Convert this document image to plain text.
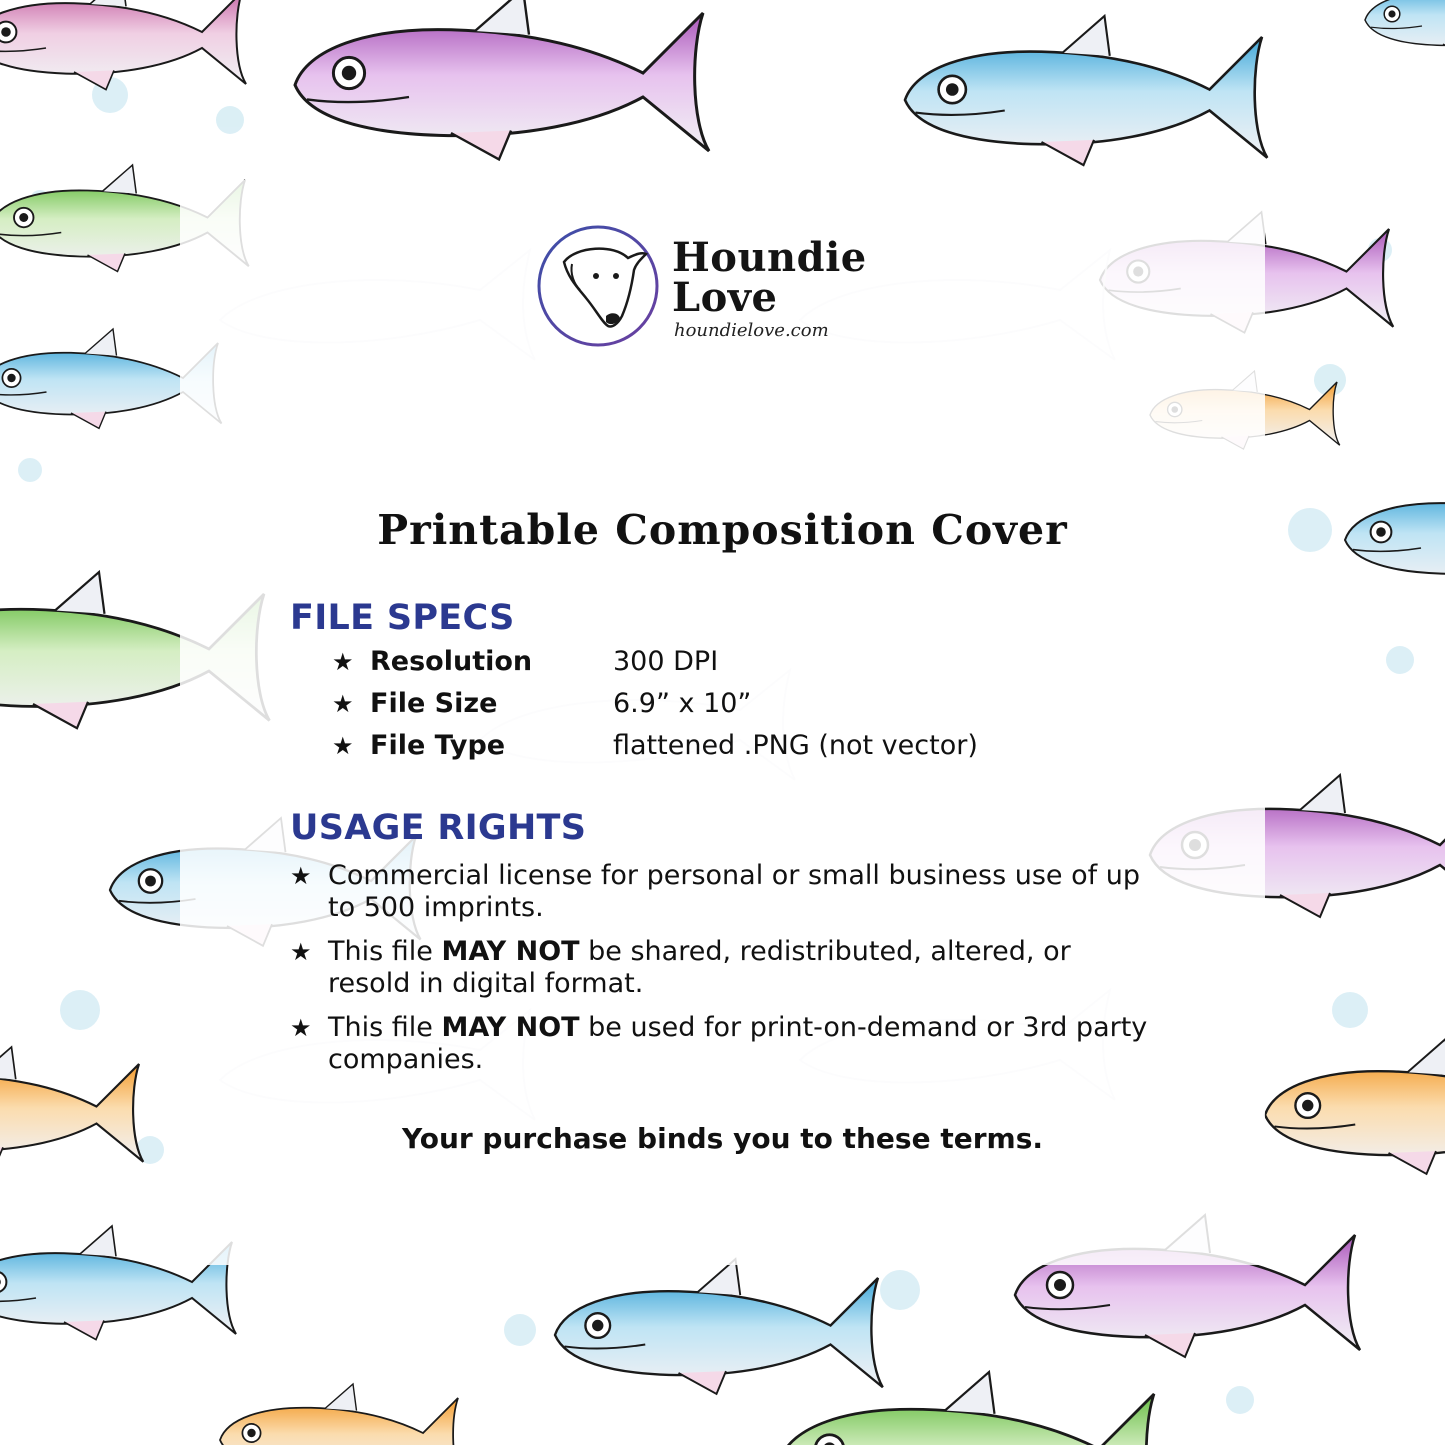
Houndie
Love
houndielove.com
Printable Composition Cover
FILE SPECS
★ Resolution	300 DPI
★ File Size	6.9” x 10”
★ File Type	flattened .PNG (not vector)
USAGE RIGHTS
★ Commercial license for personal or small business use of up to 500 imprints.
★ This file MAY NOT be shared, redistributed, altered, or resold in digital format.
★ This file MAY NOT be used for print-on-demand or 3rd party companies.
Your purchase binds you to these terms.
